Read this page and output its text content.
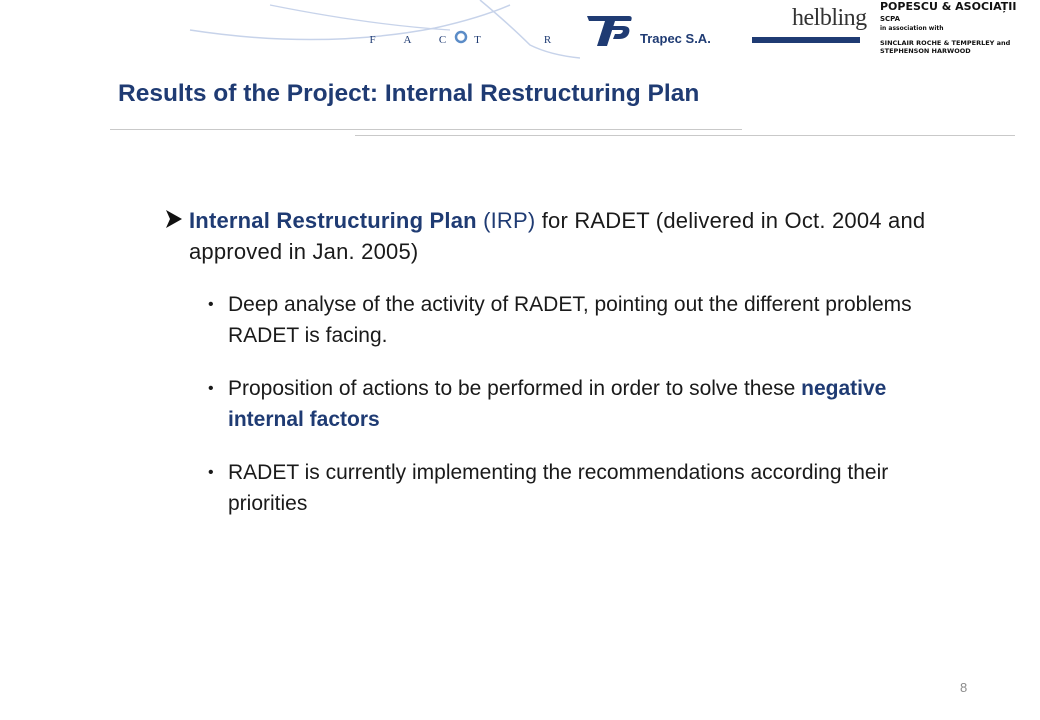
F	A	C	T	R	Trapec S.A.
helbling POPESCU & ASOCIAȚII SCPA
in association with
SINCLAIR ROCHE & TEMPERLEY and
STEPHENSON HARWOOD
Results of the Project: Internal Restructuring Plan
Internal Restructuring Plan (IRP) for RADET (delivered in Oct. 2004 and approved in Jan. 2005)
• Deep analyse of the activity of RADET, pointing out the different problems RADET is facing.
• Proposition of actions to be performed in order to solve these negative internal factors
• RADET is currently implementing the recommendations according their priorities
8
